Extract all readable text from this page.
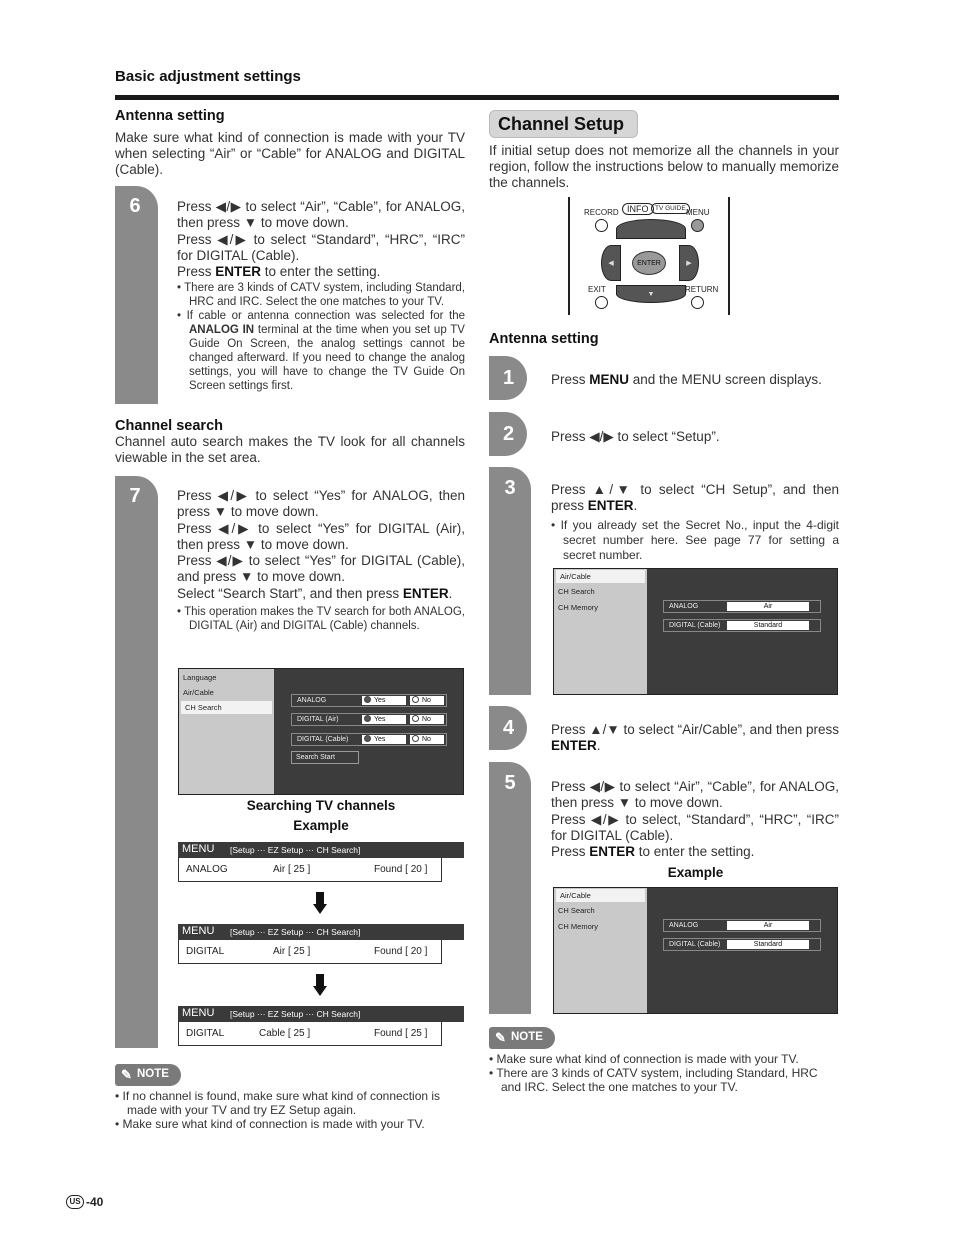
Basic adjustment settings
Antenna setting
Make sure what kind of connection is made with your TV when selecting “Air” or “Cable” for ANALOG and DIGITAL (Cable).
6	Press ◀/▶ to select “Air”, “Cable”, for ANALOG, then press ▼ to move down.
Press ◀/▶ to select “Standard”, “HRC”, “IRC” for DIGITAL (Cable).
Press ENTER to enter the setting.
• There are 3 kinds of CATV system, including Standard, HRC and IRC. Select the one matches to your TV.
• If cable or antenna connection was selected for the ANALOG IN terminal at the time when you set up TV Guide On Screen, the analog settings cannot be changed afterward. If you need to change the analog settings, you will have to change the TV Guide On Screen settings first.
Channel search
Channel auto search makes the TV look for all channels viewable in the set area.
7	Press ◀/▶ to select “Yes” for ANALOG, then press ▼ to move down.
Press ◀/▶ to select “Yes” for DIGITAL (Air), then press ▼ to move down.
Press ◀/▶ to select “Yes” for DIGITAL (Cable), and press ▼ to move down.
Select “Search Start”, and then press ENTER.
• This operation makes the TV search for both ANALOG, DIGITAL (Air) and DIGITAL (Cable) channels.
Language
Air/Cable
CH Search
ANALOG	Yes	No
DIGITAL (Air)	Yes	No
DIGITAL (Cable)	Yes	No
Search Start
Searching TV channels
Example
MENU [Setup ··· EZ Setup ··· CH Search]
ANALOG	Air [ 25 ]	Found [ 20 ]
MENU [Setup ··· EZ Setup ··· CH Search]
DIGITAL	Air [ 25 ]	Found [ 20 ]
MENU [Setup ··· EZ Setup ··· CH Search]
DIGITAL	Cable [ 25 ]	Found [ 25 ]
✎ NOTE
• If no channel is found, make sure what kind of connection is made with your TV and try EZ Setup again.
• Make sure what kind of connection is made with your TV.
Channel Setup
If initial setup does not memorize all the channels in your region, follow the instructions below to manually memorize the channels.
RECORD INFO	TV GUIDE MENU
◀	▶
ENTER
▼
EXIT	RETURN
Antenna setting
1	Press MENU and the MENU screen displays.
2	Press ◀/▶ to select “Setup”.
3	Press ▲/▼ to select “CH Setup”, and then press ENTER.
• If you already set the Secret No., input the 4-digit secret number here. See page 77 for setting a secret number.
Air/Cable
CH Search
CH Memory	ANALOG	Air
DIGITAL (Cable)	Standard
4	Press ▲/▼ to select “Air/Cable”, and then press ENTER.
5	Press ◀/▶ to select “Air”, “Cable”, for ANALOG, then press ▼ to move down.
Press ◀/▶ to select, “Standard”, “HRC”, “IRC” for DIGITAL (Cable).
Press ENTER to enter the setting.
Example
Air/Cable
CH Search
CH Memory	ANALOG	Air
DIGITAL (Cable)	Standard
✎ NOTE
• Make sure what kind of connection is made with your TV.
• There are 3 kinds of CATV system, including Standard, HRC and IRC. Select the one matches to your TV.
US -40
